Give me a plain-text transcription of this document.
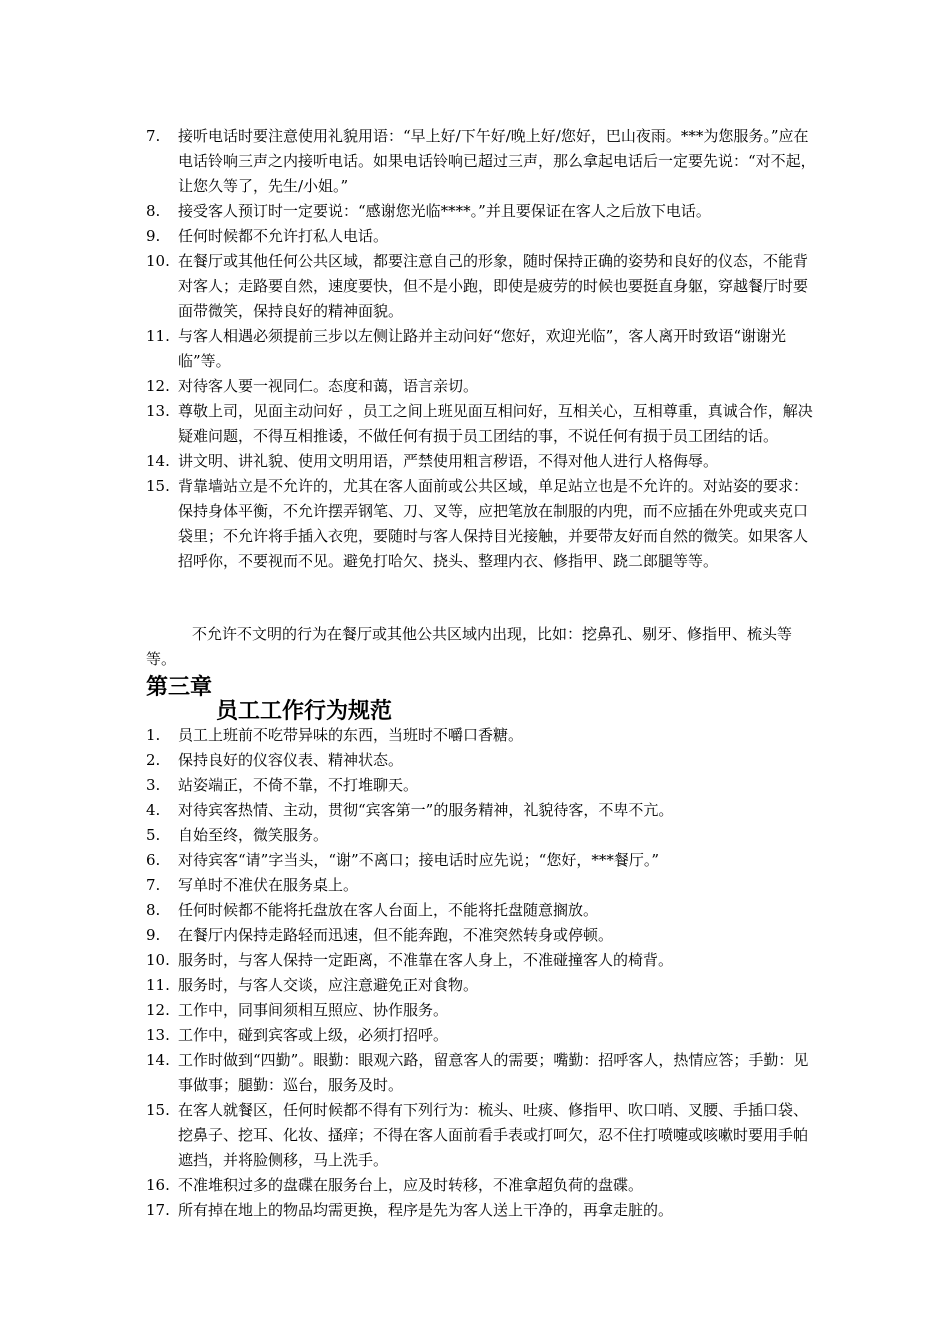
7. 接听电话时要注意使用礼貌用语：“早上好/下午好/晚上好/您好，巴山夜雨。***为您服务。”应在电话铃响三声之内接听电话。如果电话铃响已超过三声，那么拿起电话后一定要先说：“对不起，让您久等了，先生/小姐。”
8. 接受客人预订时一定要说：“感谢您光临****。”并且要保证在客人之后放下电话。
9. 任何时候都不允许打私人电话。
10. 在餐厅或其他任何公共区域，都要注意自己的形象，随时保持正确的姿势和良好的仪态，不能背对客人；走路要自然，速度要快，但不是小跑，即使是疲劳的时候也要挺直身躯，穿越餐厅时要面带微笑，保持良好的精神面貌。
11. 与客人相遇必须提前三步以左侧让路并主动问好“您好，欢迎光临”，客人离开时致语“谢谢光临”等。
12. 对待客人要一视同仁。态度和蔼，语言亲切。
13. 尊敬上司，见面主动问好 ，员工之间上班见面互相问好，互相关心，互相尊重，真诚合作，解决疑难问题，不得互相推诿，不做任何有损于员工团结的事，不说任何有损于员工团结的话。
14. 讲文明、讲礼貌、使用文明用语，严禁使用粗言秽语，不得对他人进行人格侮辱。
15. 背靠墙站立是不允许的，尤其在客人面前或公共区域，单足站立也是不允许的。对站姿的要求：保持身体平衡，不允许摆弄钢笔、刀、叉等，应把笔放在制服的内兜，而不应插在外兜或夹克口袋里；不允许将手插入衣兜，要随时与客人保持目光接触，并要带友好而自然的微笑。如果客人招呼你，不要视而不见。避免打哈欠、挠头、整理内衣、修指甲、跷二郎腿等等。
不允许不文明的行为在餐厅或其他公共区域内出现，比如：挖鼻孔、剔牙、修指甲、梳头等等。
第三章
员工工作行为规范
1. 员工上班前不吃带异味的东西，当班时不嚼口香糖。
2. 保持良好的仪容仪表、精神状态。
3. 站姿端正，不倚不靠，不打堆聊天。
4. 对待宾客热情、主动，贯彻“宾客第一”的服务精神，礼貌待客，不卑不亢。
5. 自始至终，微笑服务。
6. 对待宾客“请”字当头，“谢”不离口；接电话时应先说；“您好，***餐厅。”
7. 写单时不准伏在服务桌上。
8. 任何时候都不能将托盘放在客人台面上，不能将托盘随意搁放。
9. 在餐厅内保持走路轻而迅速，但不能奔跑，不准突然转身或停顿。
10. 服务时，与客人保持一定距离，不准靠在客人身上，不准碰撞客人的椅背。
11. 服务时，与客人交谈，应注意避免正对食物。
12. 工作中，同事间须相互照应、协作服务。
13. 工作中，碰到宾客或上级，必须打招呼。
14. 工作时做到“四勤”。眼勤：眼观六路，留意客人的需要；嘴勤：招呼客人，热情应答；手勤：见事做事；腿勤：巡台，服务及时。
15. 在客人就餐区，任何时候都不得有下列行为：梳头、吐痰、修指甲、吹口哨、叉腰、手插口袋、挖鼻子、挖耳、化妆、搔痒；不得在客人面前看手表或打呵欠，忍不住打喷嚏或咳嗽时要用手帕遮挡，并将脸侧移，马上洗手。
16. 不准堆积过多的盘碟在服务台上，应及时转移，不准拿超负荷的盘碟。
17. 所有掉在地上的物品均需更换，程序是先为客人送上干净的，再拿走脏的。
